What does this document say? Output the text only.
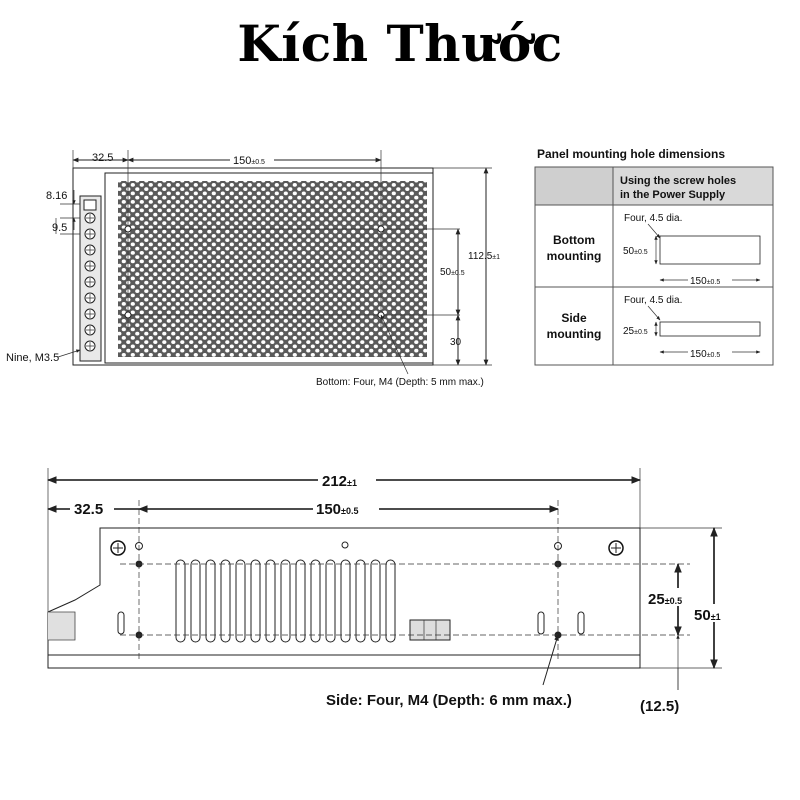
Kích Thước
32.5	150±0.5
8.16
9.5
112.5±1
50±0.5
30
Nine, M3.5
Bottom: Four, M4 (Depth: 5 mm max.)
Panel mounting hole dimensions
Using the screw holes
in the Power Supply
Bottom
mounting
Four, 4.5 dia.
50±0.5
150±0.5
Side
mounting
Four, 4.5 dia.
25±0.5
150±0.5
212±1
32.5	150±0.5
25±0.5
50±1
(12.5)
Side: Four, M4 (Depth: 6 mm max.)
